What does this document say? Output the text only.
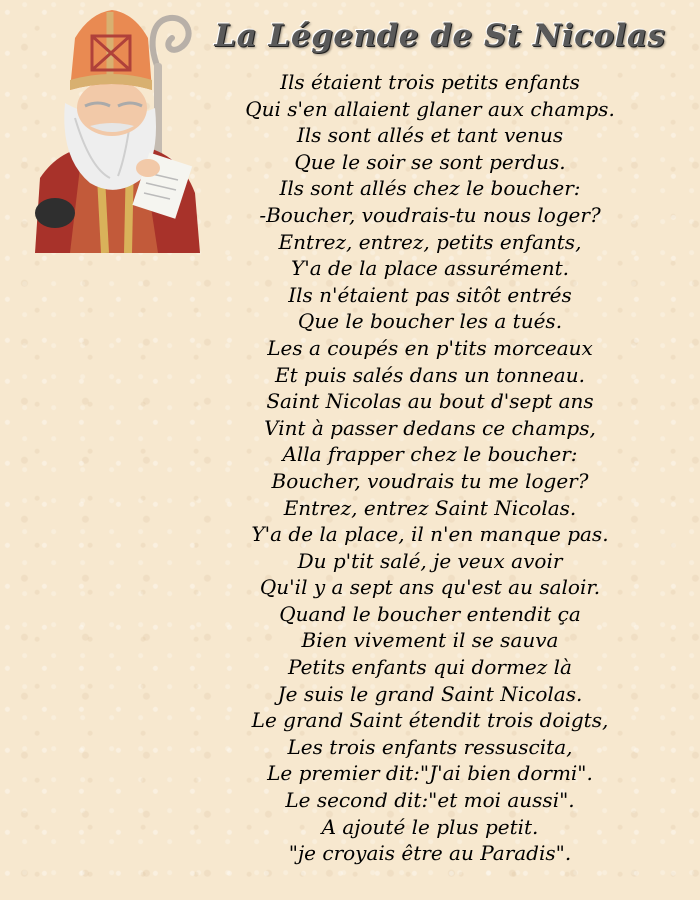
La Légende de St Nicolas
Ils étaient trois petits enfants
Qui s'en allaient glaner aux champs.
Ils sont allés et tant venus
Que le soir se sont perdus.
Ils sont allés chez le boucher:
-Boucher, voudrais-tu nous loger?
Entrez, entrez, petits enfants,
Y'a de la place assurément.
Ils n'étaient pas sitôt entrés
Que le boucher les a tués.
Les a coupés en p'tits morceaux
Et puis salés dans un tonneau.
Saint Nicolas au bout d'sept ans
Vint à passer dedans ce champs,
Alla frapper chez le boucher:
Boucher, voudrais tu me loger?
Entrez, entrez Saint Nicolas.
Y'a de la place, il n'en manque pas.
Du p'tit salé, je veux avoir
Qu'il y a sept ans qu'est au saloir.
Quand le boucher entendit ça
Bien vivement il se sauva
Petits enfants qui dormez là
Je suis le grand Saint Nicolas.
Le grand Saint étendit trois doigts,
Les trois enfants ressuscita,
Le premier dit:"J'ai bien dormi".
Le second dit:"et moi aussi".
A ajouté le plus petit.
"je croyais être au Paradis".
